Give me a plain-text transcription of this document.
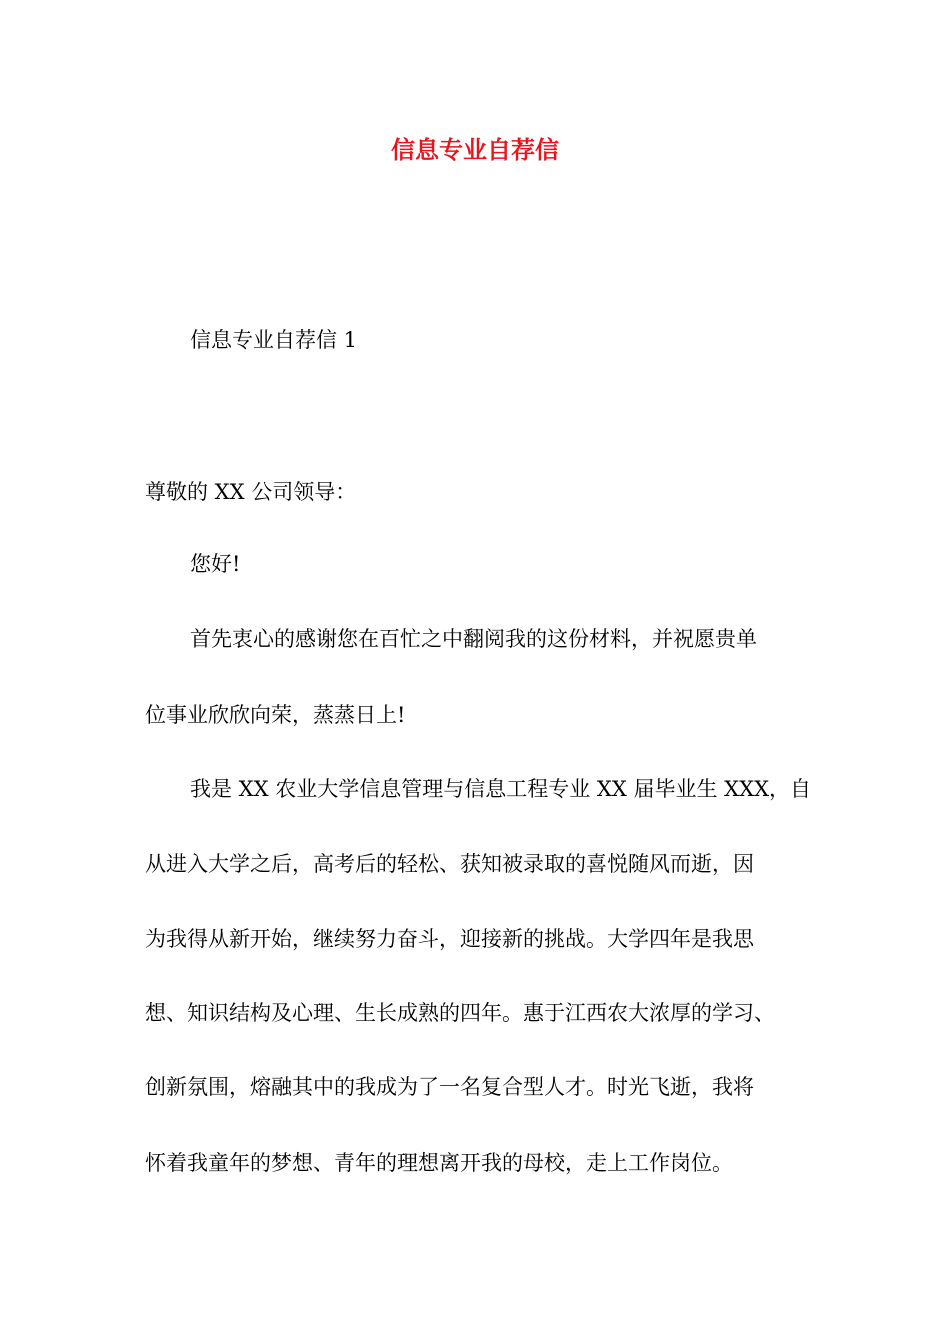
信息专业自荐信
信息专业自荐信 1
尊敬的 XX 公司领导：
您好!
首先衷心的感谢您在百忙之中翻阅我的这份材料，并祝愿贵单
位事业欣欣向荣，蒸蒸日上!
我是 XX 农业大学信息管理与信息工程专业 XX 届毕业生 XXX，自
从进入大学之后，高考后的轻松、获知被录取的喜悦随风而逝，因
为我得从新开始，继续努力奋斗，迎接新的挑战。大学四年是我思
想、知识结构及心理、生长成熟的四年。惠于江西农大浓厚的学习、
创新氛围，熔融其中的我成为了一名复合型人才。时光飞逝，我将
怀着我童年的梦想、青年的理想离开我的母校，走上工作岗位。
